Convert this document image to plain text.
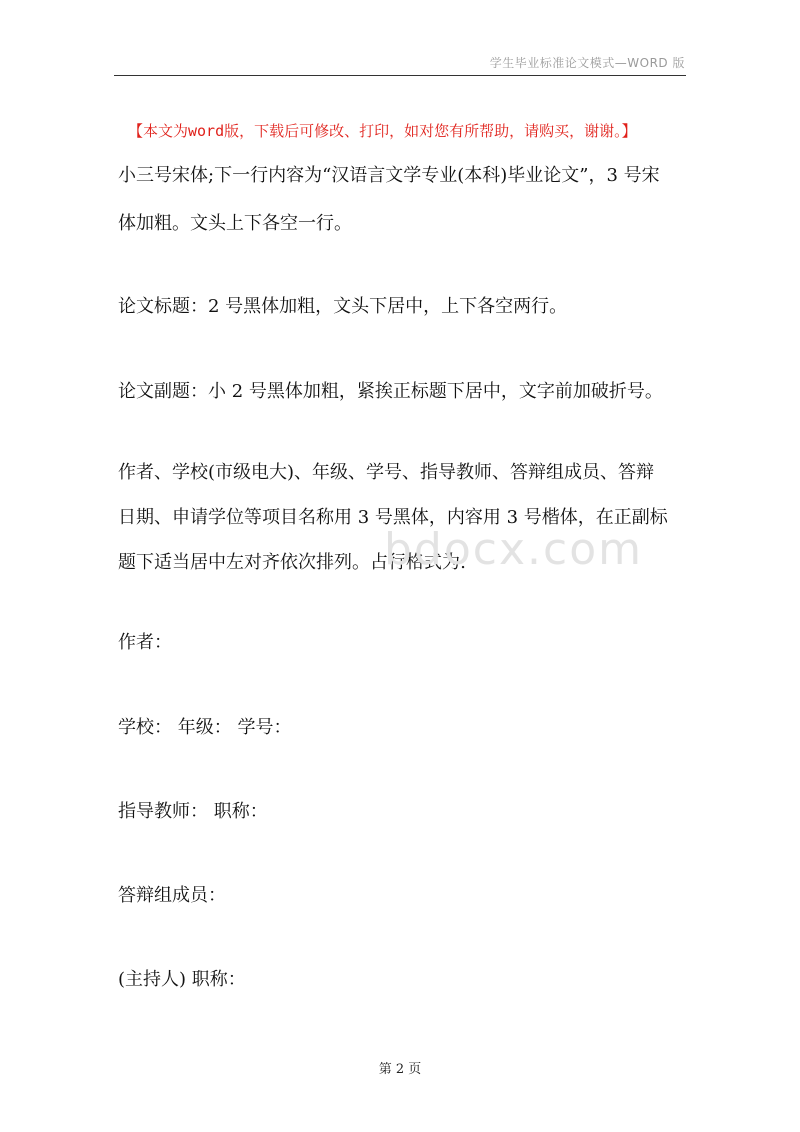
学生毕业标准论文模式—WORD 版
【本文为word版，下载后可修改、打印，如对您有所帮助，请购买，谢谢。】

小三号宋体;下一行内容为“汉语言文学专业(本科)毕业论文”，3 号宋

体加粗。文头上下各空一行。

论文标题：2 号黑体加粗，文头下居中，上下各空两行。

论文副题：小 2 号黑体加粗，紧挨正标题下居中，文字前加破折号。

作者、学校(市级电大)、年级、学号、指导教师、答辩组成员、答辩

日期、申请学位等项目名称用 3 号黑体，内容用 3 号楷体，在正副标

题下适当居中左对齐依次排列。占行格式为:

bdocx.com

作者：

学校： 年级： 学号：

指导教师： 职称：

答辩组成员：

(主持人) 职称：

第 2 页
